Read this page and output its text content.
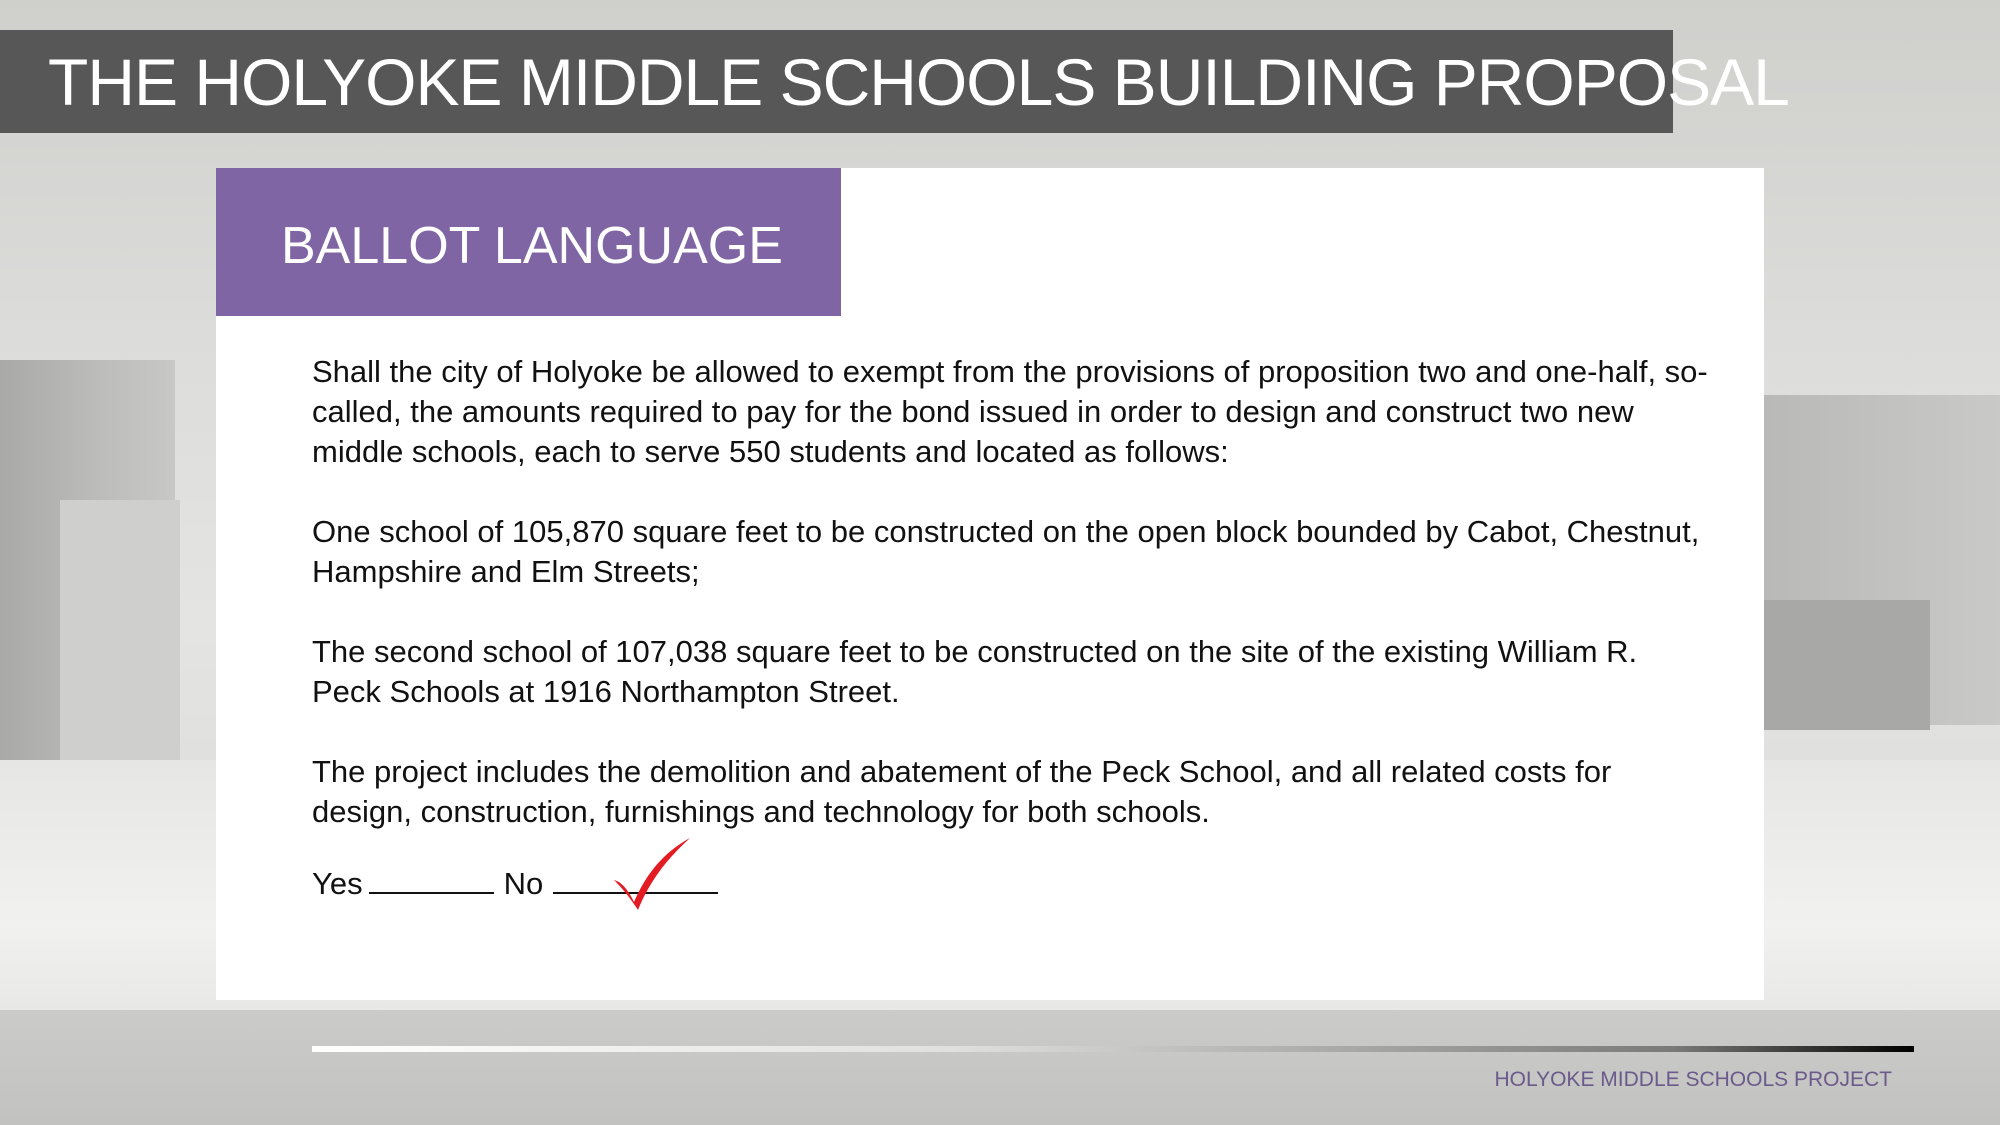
THE HOLYOKE MIDDLE SCHOOLS BUILDING PROPOSAL
BALLOT LANGUAGE

Shall the city of Holyoke be allowed to exempt from the provisions of proposition two and one-half, so-called, the amounts required to pay for the bond issued in order to design and construct two new middle schools, each to serve 550 students and located as follows:

One school of 105,870 square feet to be constructed on the open block bounded by Cabot, Chestnut, Hampshire and Elm Streets;

The second school of 107,038 square feet to be constructed on the site of the existing William R. Peck Schools at 1916 Northampton Street.

The project includes the demolition and abatement of the Peck School, and all related costs for design, construction, furnishings and technology for both schools.

Yes	No
HOLYOKE MIDDLE SCHOOLS PROJECT
